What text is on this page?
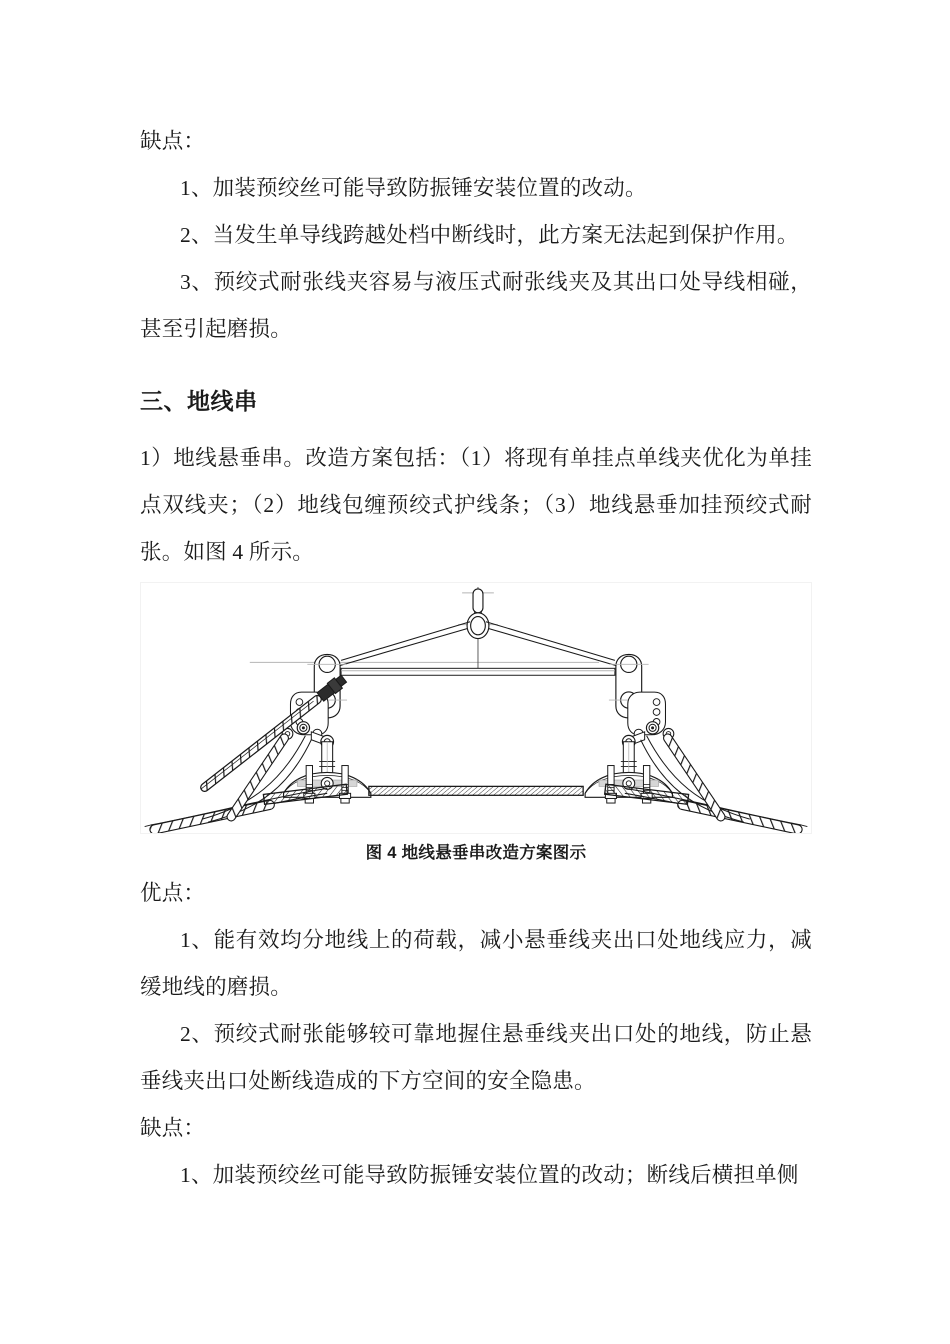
缺点：

1、加装预绞丝可能导致防振锤安装位置的改动。

2、当发生单导线跨越处档中断线时，此方案无法起到保护作用。

3、预绞式耐张线夹容易与液压式耐张线夹及其出口处导线相碰，甚至引起磨损。

三、地线串

1）地线悬垂串。改造方案包括：（1）将现有单挂点单线夹优化为单挂点双线夹；（2）地线包缠预绞式护线条；（3）地线悬垂加挂预绞式耐张。如图 4 所示。

图 4 地线悬垂串改造方案图示

优点：

1、能有效均分地线上的荷载，减小悬垂线夹出口处地线应力，减缓地线的磨损。

2、预绞式耐张能够较可靠地握住悬垂线夹出口处的地线，防止悬垂线夹出口处断线造成的下方空间的安全隐患。

缺点：

1、加装预绞丝可能导致防振锤安装位置的改动；断线后横担单侧
